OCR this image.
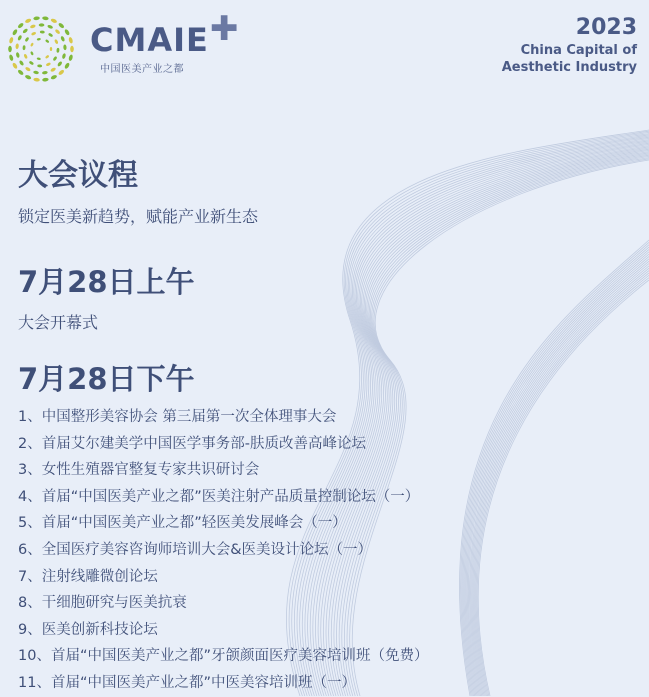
CMAIE ✚
中国医美产业之都
2023
China Capital of
Aesthetic Industry
大会议程
锁定医美新趋势，赋能产业新生态
7月28日上午
大会开幕式
7月28日下午
1、中国整形美容协会 第三届第一次全体理事大会
2、首届艾尔建美学中国医学事务部-肤质改善高峰论坛
3、女性生殖器官整复专家共识研讨会
4、首届“中国医美产业之都”医美注射产品质量控制论坛（一）
5、首届“中国医美产业之都”轻医美发展峰会（一）
6、全国医疗美容咨询师培训大会&医美设计论坛（一）
7、注射线雕微创论坛
8、干细胞研究与医美抗衰
9、医美创新科技论坛
10、首届“中国医美产业之都”牙颌颜面医疗美容培训班（免费）
11、首届“中国医美产业之都”中医美容培训班（一）
